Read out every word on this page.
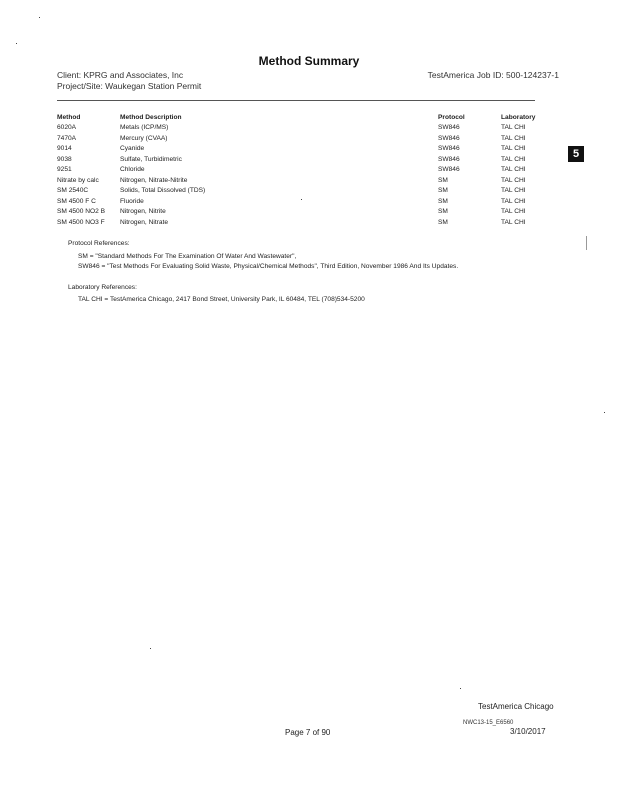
Method Summary
Client: KPRG and Associates, Inc
Project/Site: Waukegan Station Permit
TestAmerica Job ID: 500-124237-1
5
Method	Method Description	Protocol	Laboratory
6020A	Metals (ICP/MS)	SW846	TAL CHI
7470A	Mercury (CVAA)	SW846	TAL CHI
9014	Cyanide	SW846	TAL CHI
9038	Sulfate, Turbidimetric	SW846	TAL CHI
9251	Chloride	SW846	TAL CHI
Nitrate by calc	Nitrogen, Nitrate-Nitrite	SM	TAL CHI
SM 2540C	Solids, Total Dissolved (TDS)	SM	TAL CHI
SM 4500 F C	Fluoride	SM	TAL CHI
SM 4500 NO2 B	Nitrogen, Nitrite	SM	TAL CHI
SM 4500 NO3 F	Nitrogen, Nitrate	SM	TAL CHI
Protocol References:
SM = "Standard Methods For The Examination Of Water And Wastewater",
SW846 = "Test Methods For Evaluating Solid Waste, Physical/Chemical Methods", Third Edition, November 1986 And Its Updates.
Laboratory References:
TAL CHI = TestAmerica Chicago, 2417 Bond Street, University Park, IL 60484, TEL (708)534-5200
TestAmerica Chicago
NWC13-15_E6560
Page 7 of 90	3/10/2017
